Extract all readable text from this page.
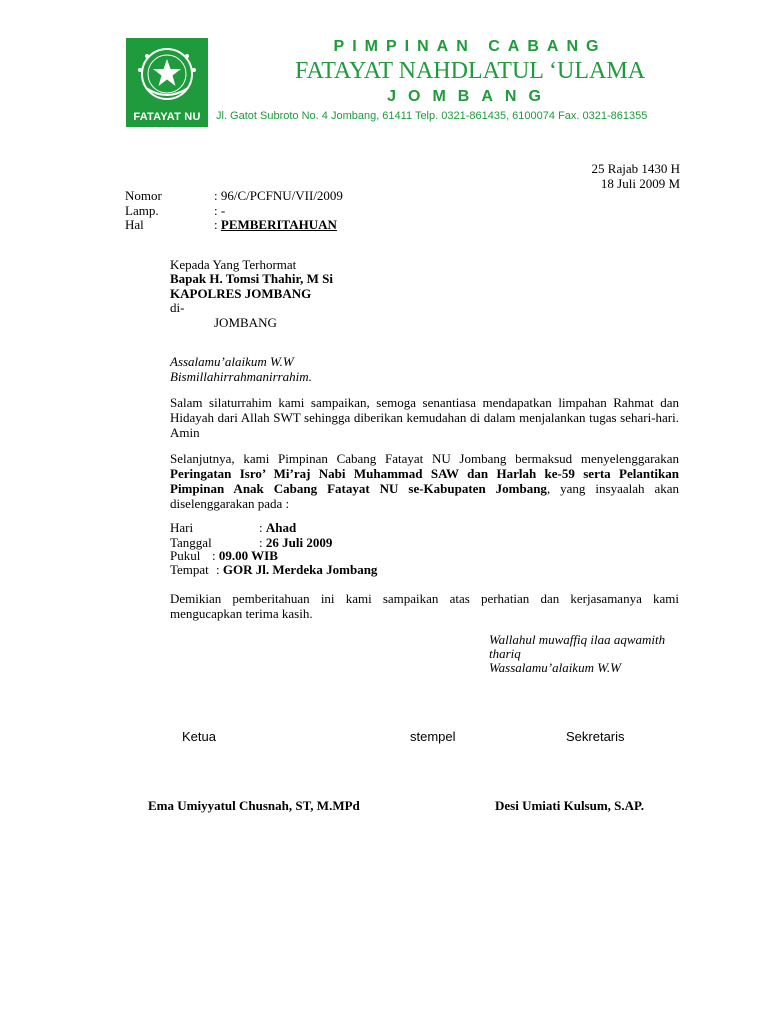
FATAYAT NU
PIMPINAN CABANG
FATAYAT NAHDLATUL ‘ULAMA
JOMBANG
Jl. Gatot Subroto No. 4 Jombang, 61411 Telp. 0321-861435, 6100074 Fax. 0321-861355
25 Rajab 1430 H
18 Juli 2009 M
Nomor	: 96/C/PCFNU/VII/2009
Lamp.	: -
Hal	: PEMBERITAHUAN
Kepada Yang Terhormat
Bapak H. Tomsi Thahir, M Si
KAPOLRES JOMBANG
di-
JOMBANG
Assalamu’alaikum W.W
Bismillahirrahmanirrahim.
Salam silaturrahim kami sampaikan, semoga senantiasa mendapatkan limpahan Rahmat dan Hidayah dari Allah SWT sehingga diberikan kemudahan di dalam menjalankan tugas sehari-hari. Amin
Selanjutnya, kami Pimpinan Cabang Fatayat NU Jombang bermaksud menyelenggarakan Peringatan Isro’ Mi’raj Nabi Muhammad SAW dan Harlah ke-59 serta Pelantikan Pimpinan Anak Cabang Fatayat NU se-Kabupaten Jombang, yang insyaalah akan diselenggarakan pada :
Hari	: Ahad
Tanggal	: 26 Juli 2009
Pukul : 09.00 WIB
Tempat : GOR Jl. Merdeka Jombang
Demikian pemberitahuan ini kami sampaikan atas perhatian dan kerjasamanya kami mengucapkan terima kasih.
Wallahul muwaffiq ilaa aqwamith
thariq
Wassalamu’alaikum W.W
Ketua	stempel	Sekretaris
Ema Umiyyatul Chusnah, ST, M.MPd	Desi Umiati Kulsum, S.AP.
